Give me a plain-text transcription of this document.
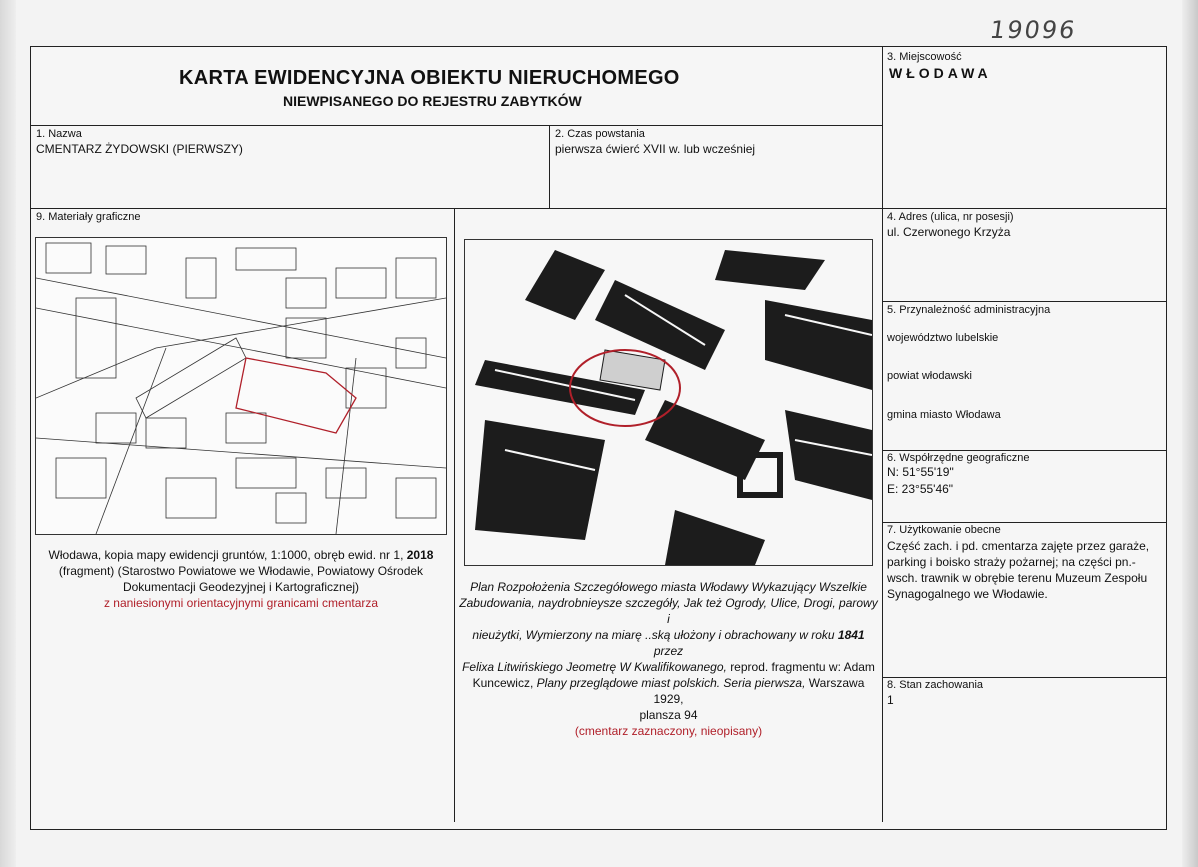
19096
KARTA EWIDENCYJNA OBIEKTU NIERUCHOMEGO
NIEWPISANEGO DO REJESTRU ZABYTKÓW
3. Miejscowość
WŁODAWA
1. Nazwa
CMENTARZ ŻYDOWSKI (PIERWSZY)
2. Czas powstania
pierwsza ćwierć XVII w. lub wcześniej
9. Materiały graficzne	4. Adres (ulica, nr posesji)
ul. Czerwonego Krzyża
5. Przynależność administracyjna
województwo lubelskie
powiat włodawski
gmina miasto Włodawa
6. Współrzędne geograficzne
N: 51°55'19"
E: 23°55'46"
7. Użytkowanie obecne
Część zach. i pd. cmentarza zajęte przez garaże,
parking i boisko straży pożarnej; na części pn.-
wsch. trawnik w obrębie terenu Muzeum Zespołu
Synagogalnego we Włodawie.
8. Stan zachowania
1
Włodawa, kopia mapy ewidencji gruntów, 1:1000, obręb ewid. nr 1, 2018
(fragment) (Starostwo Powiatowe we Włodawie, Powiatowy Ośrodek
Dokumentacji Geodezyjnej i Kartograficznej)
z naniesionymi orientacyjnymi granicami cmentarza
Plan Rozpołożenia Szczegółowego miasta Włodawy Wykazujący Wszelkie
Zabudowania, naydrobnieysze szczegóły, Jak też Ogrody, Ulice, Drogi, parowy i
nieużytki, Wymierzony na miarę ..ską ułożony i obrachowany w roku 1841 przez
Felixa Litwińskiego Jeometrę W Kwalifikowanego, reprod. fragmentu w: Adam
Kuncewicz, Plany przeglądowe miast polskich. Seria pierwsza, Warszawa 1929,
plansza 94
(cmentarz zaznaczony, nieopisany)
